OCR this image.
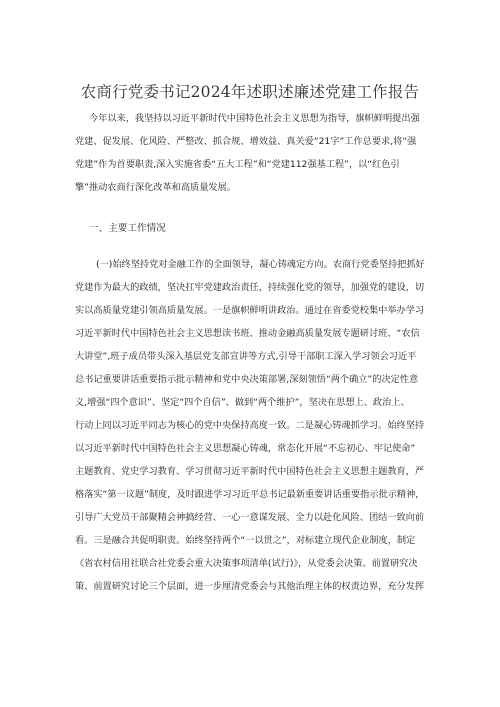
农商行党委书记2024年述职述廉述党建工作报告
今年以来，我坚持以习近平新时代中国特色社会主义思想为指导，旗帜鲜明提出强
党建、促发展、化风险、严整改、抓合规、增效益、真关爱“21字”工作总要求,将“强
党建”作为首要职责,深入实施省委“五大工程”和“党建112强基工程”，以“红色引
擎”推动农商行深化改革和高质量发展。
一、主要工作情况
(一)始终坚持党对金融工作的全面领导，凝心铸魂定方向。农商行党委坚持把抓好
党建作为最大的政绩，坚决扛牢党建政治责任，持续强化党的领导，加强党的建设，切
实以高质量党建引领高质量发展。一是旗帜鲜明讲政治。通过在省委党校集中举办学习
习近平新时代中国特色社会主义思想读书班、推动金融高质量发展专题研讨班、“农信
大讲堂”,班子成员带头深入基层党支部宣讲等方式,引导干部职工深入学习领会习近平
总书记重要讲话重要指示批示精神和党中央决策部署,深刻领悟“两个确立”的决定性意
义,增强“四个意识”、坚定“四个自信”、做到“两个维护”，坚决在思想上、政治上、
行动上同以习近平同志为核心的党中央保持高度一致。二是凝心铸魂抓学习。始终坚持
以习近平新时代中国特色社会主义思想凝心铸魂，常态化开展“不忘初心、牢记使命”
主题教育、党史学习教育、学习贯彻习近平新时代中国特色社会主义思想主题教育，严
格落实“第一议题”制度，及时跟进学习习近平总书记最新重要讲话重要指示批示精神，
引导广大党员干部聚精会神搞经营、一心一意谋发展、全力以赴化风险、团结一致向前
看。三是融合共促明职责。始终坚持两个“一以贯之”，对标建立现代企业制度，制定
《省农村信用社联合社党委会重大决策事项清单(试行)》，从党委会决策、前置研究决
策、前置研究讨论三个层面，进一步厘清党委会与其他治理主体的权责边界，充分发挥
